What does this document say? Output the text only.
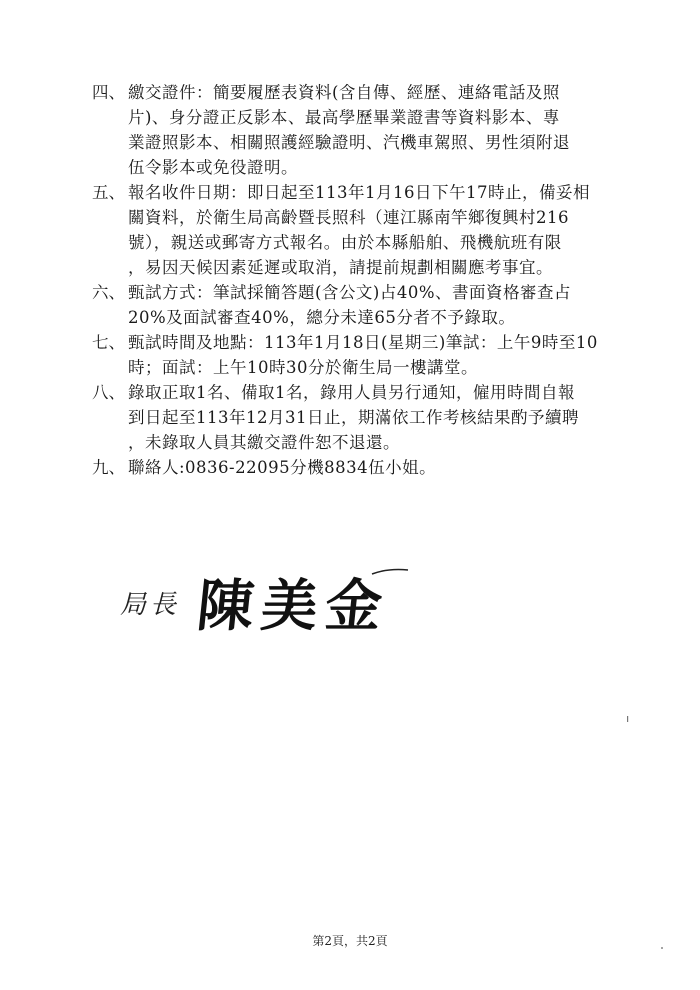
四、 繳交證件：簡要履歷表資料(含自傳、經歷、連絡電話及照
片)、身分證正反影本、最高學歷畢業證書等資料影本、專
業證照影本、相關照護經驗證明、汽機車駕照、男性須附退
伍令影本或免役證明。
五、 報名收件日期：即日起至113年1月16日下午17時止，備妥相
關資料，於衛生局高齡暨長照科（連江縣南竿鄉復興村216
號），親送或郵寄方式報名。由於本縣船舶、飛機航班有限
，易因天候因素延遲或取消，請提前規劃相關應考事宜。
六、 甄試方式：筆試採簡答題(含公文)占40%、書面資格審查占
20%及面試審查40%，總分未達65分者不予錄取。
七、 甄試時間及地點：113年1月18日(星期三)筆試：上午9時至10
時；面試：上午10時30分於衛生局一樓講堂。
八、 錄取正取1名、備取1名，錄用人員另行通知，僱用時間自報
到日起至113年12月31日止，期滿依工作考核結果酌予續聘
，未錄取人員其繳交證件恕不退還。
九、 聯絡人:0836-22095分機8834伍小姐。
局長 陳美金
第2頁，共2頁
